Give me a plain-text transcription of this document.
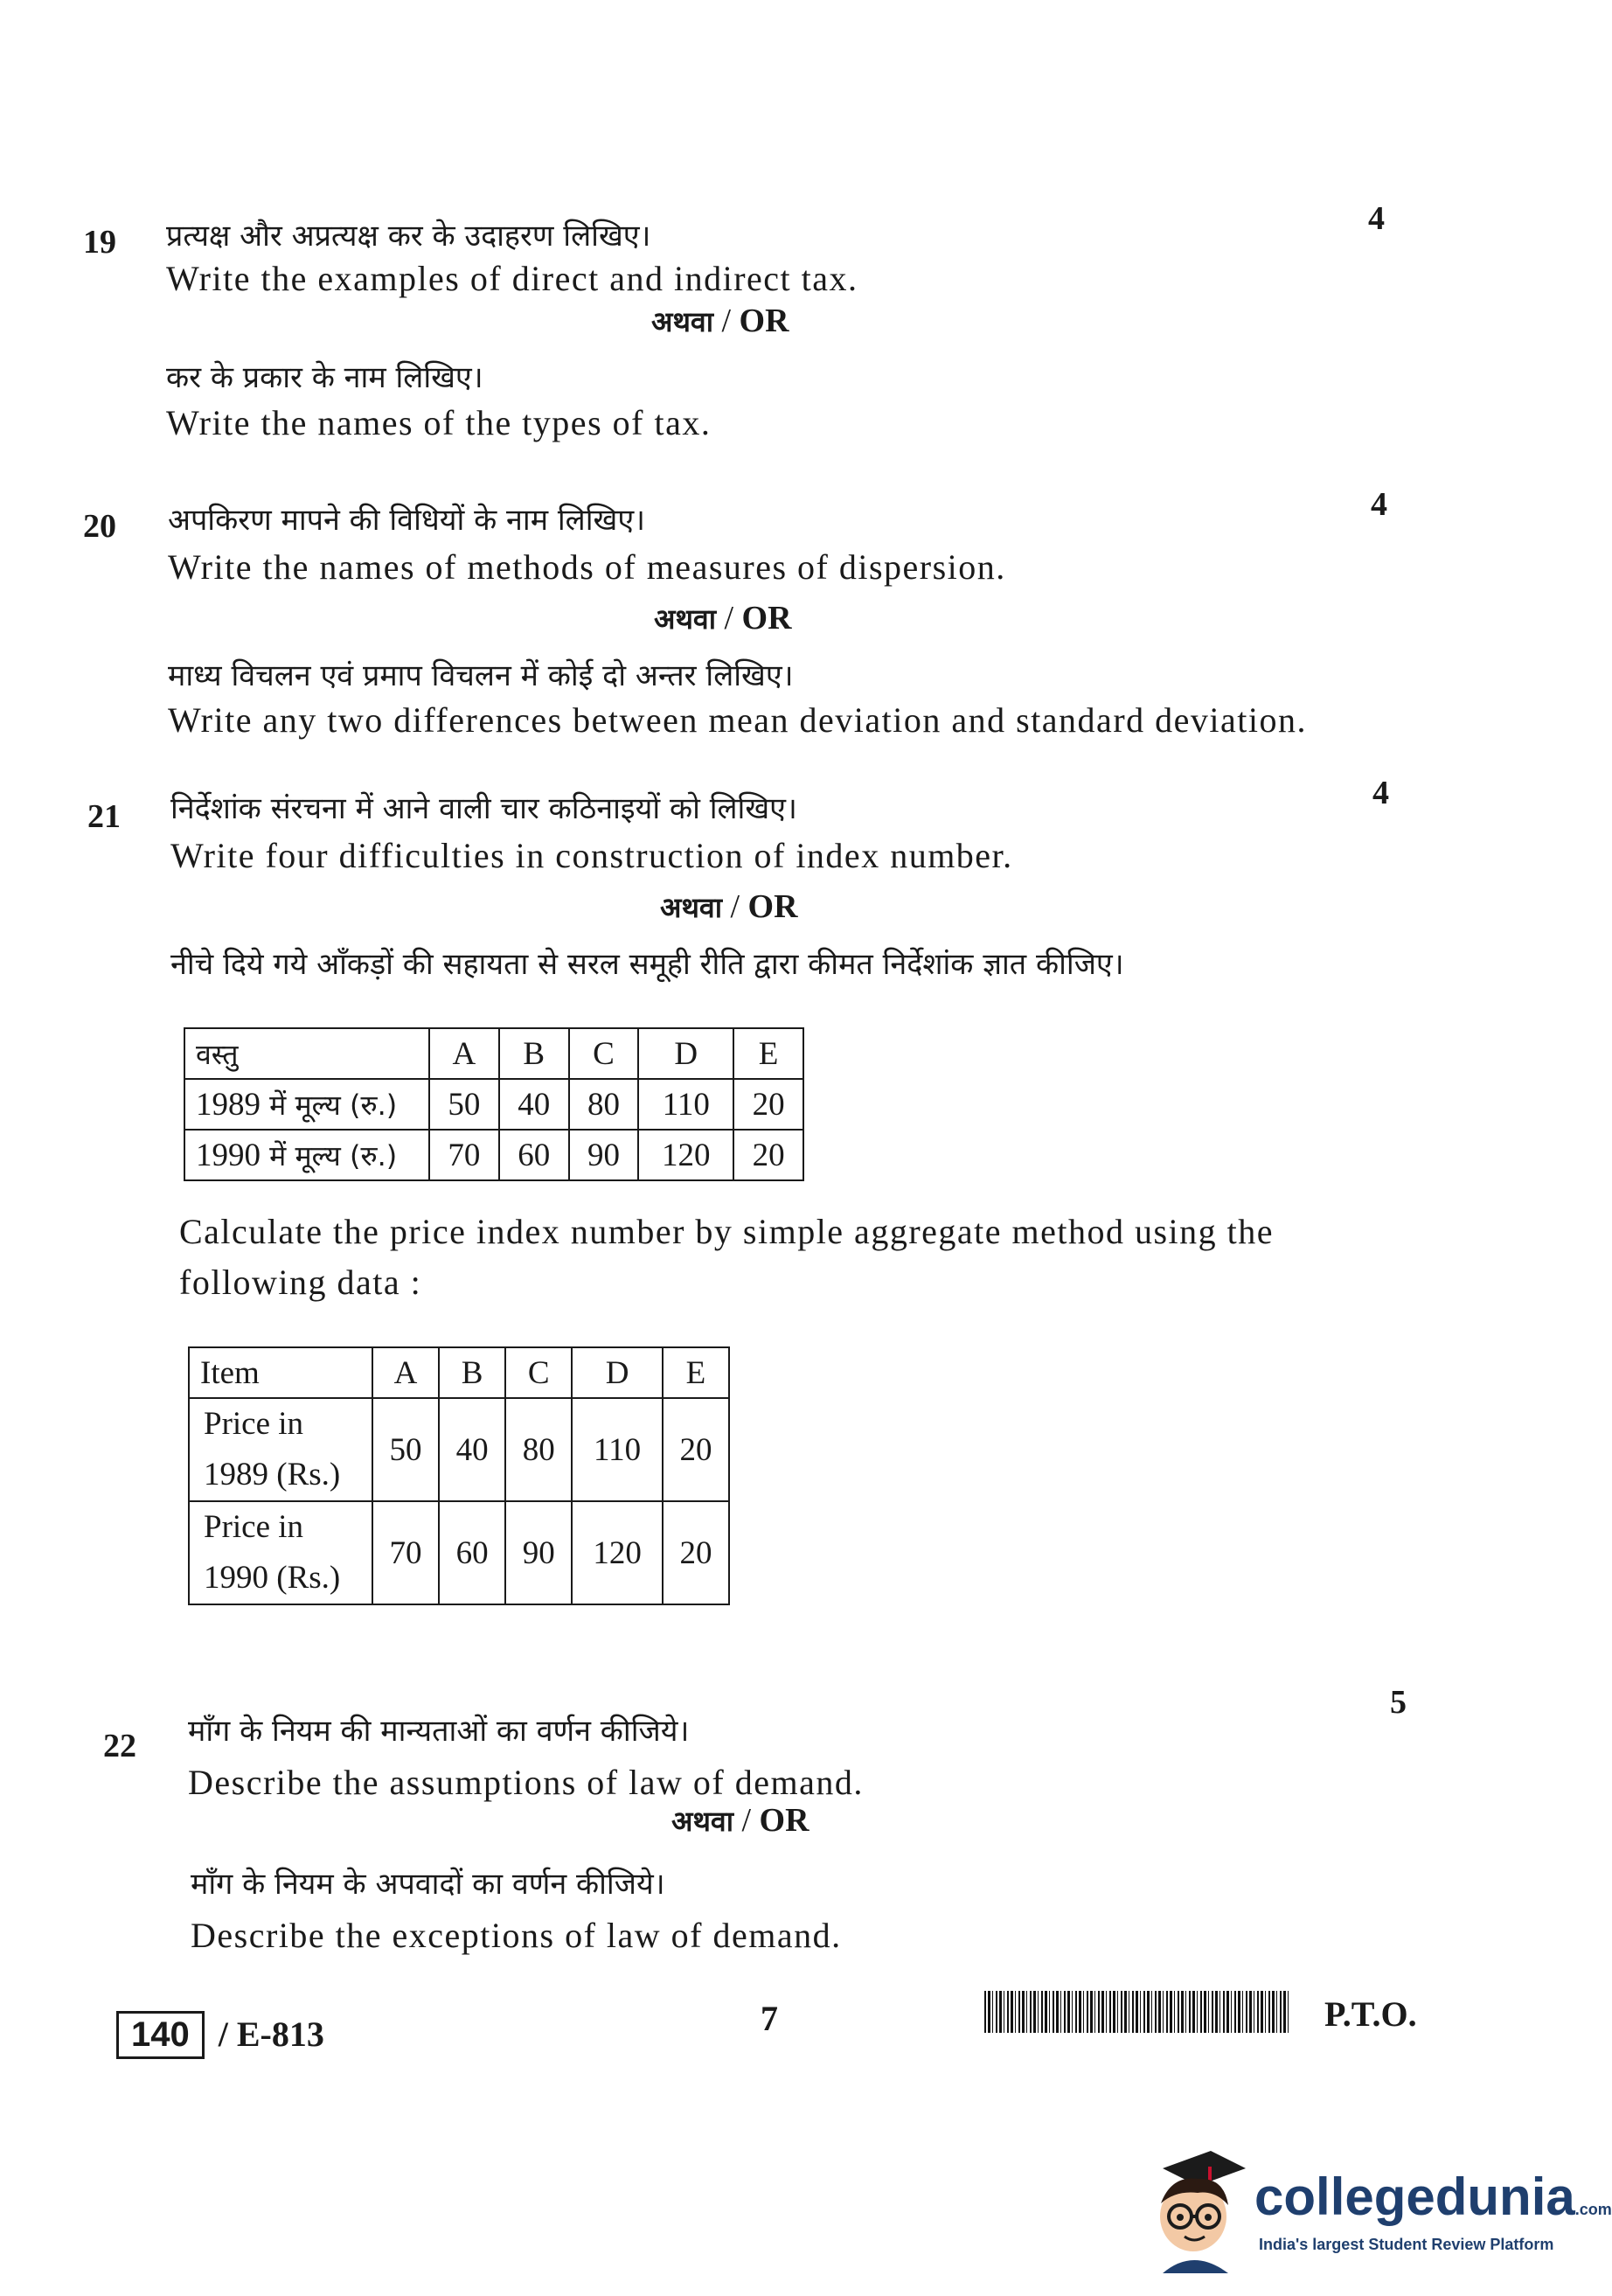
19
4
प्रत्यक्ष और अप्रत्यक्ष कर के उदाहरण लिखिए।
Write the examples of direct and indirect tax.
अथवा / OR
कर के प्रकार के नाम लिखिए।
Write the names of the types of tax.
20
4
अपकिरण मापने की विधियों के नाम लिखिए।
Write the names of methods of measures of dispersion.
अथवा / OR
माध्य विचलन एवं प्रमाप विचलन में कोई दो अन्तर लिखिए।
Write any two differences between mean deviation and standard deviation.
21
4
निर्देशांक संरचना में आने वाली चार कठिनाइयों को लिखिए।
Write four difficulties in construction of index number.
अथवा / OR
नीचे दिये गये आँकड़ों की सहायता से सरल समूही रीति द्वारा कीमत निर्देशांक ज्ञात कीजिए।
वस्तु	A	B	C	D	E
1989 में मूल्य (रु.)	50	40	80	110	20
1990 में मूल्य (रु.)	70	60	90	120	20
Calculate the price index number by simple aggregate method using the
following data :
Item	A	B	C	D	E
Price in
1989 (Rs.)	50	40	80	110	20
Price in
1990 (Rs.)	70	60	90	120	20
22
5
माँग के नियम की मान्यताओं का वर्णन कीजिये।
Describe the assumptions of law of demand.
अथवा / OR
माँग के नियम के अपवादों का वर्णन कीजिये।
Describe the exceptions of law of demand.
140 / E-813	7	P.T.O.
collegedunia.com
India's largest Student Review Platform
